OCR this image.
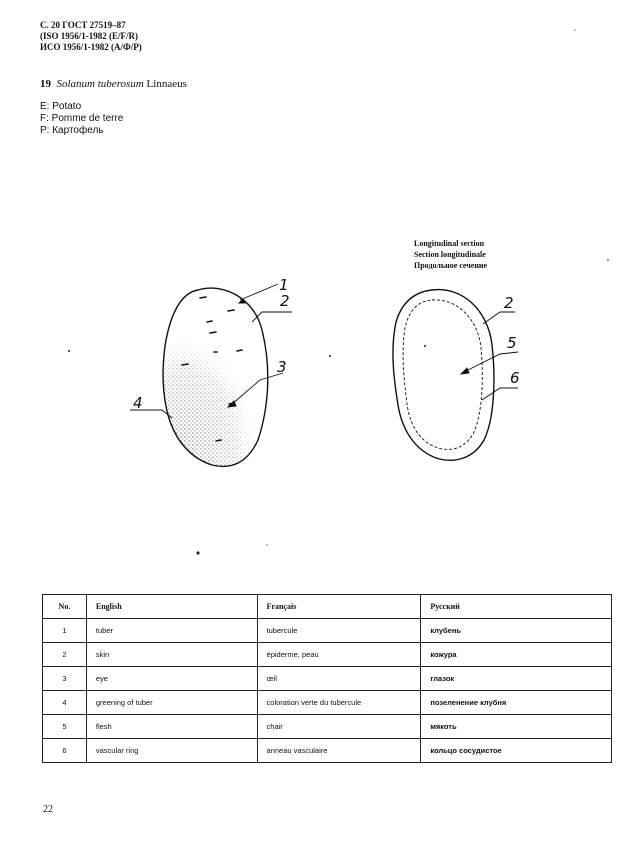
С. 20 ГОСТ 27519–87
(ISO 1956/1-1982 (E/F/R)
ИСО 1956/1-1982 (А/Ф/Р)
19 Solanum tuberosum Linnaeus
E: Potato
F: Pomme de terre
P: Картофель
Longitudinal section
Section longitudinale
Продольное сечение
1
2
3
4
2
5
6
No.	English	Français	Русский
1	tuber	tubercule	клубень
2	skin	épiderme, peau	кожура
3	eye	œil	глазок
4	greening of tuber	coloration verte du tubercule	позеленение клубня
5	flesh	chair	мякоть
6	vascular ring	anneau vasculaire	кольцо сосудистое
22
